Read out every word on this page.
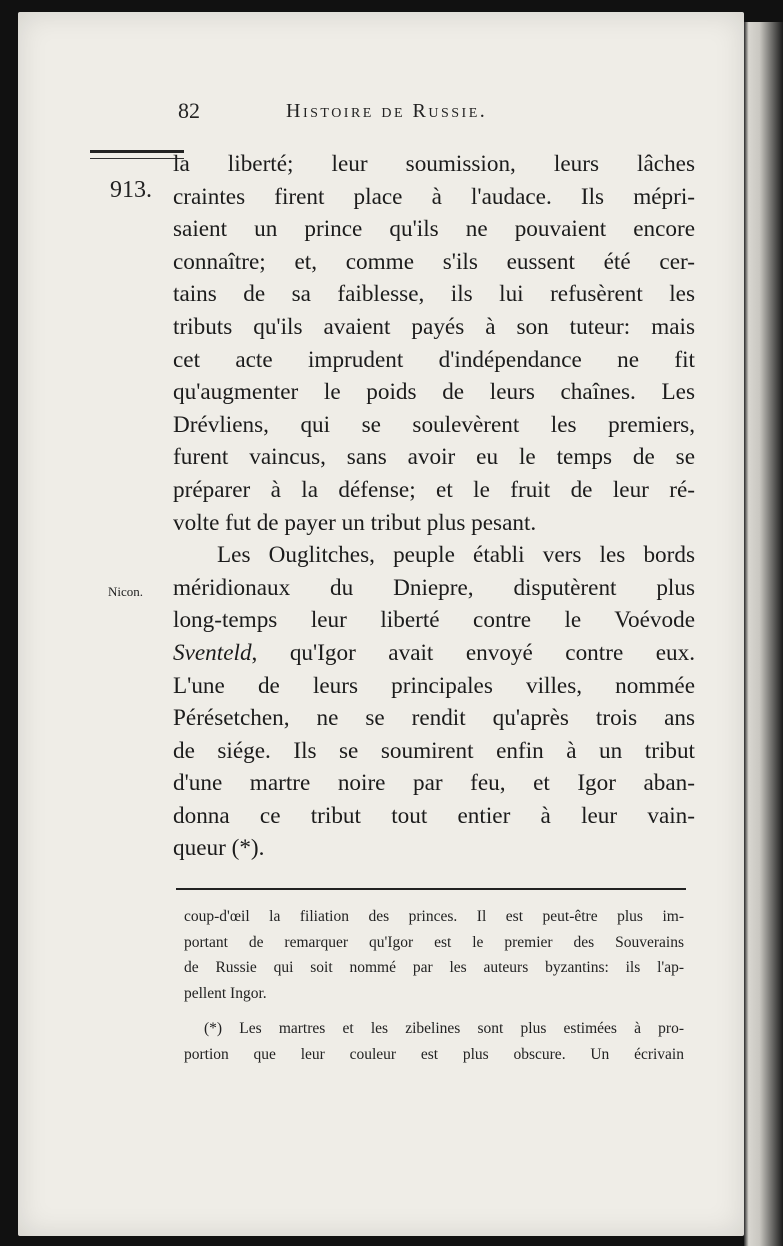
82	Histoire de Russie.
913.
Nicon.
la liberté; leur soumission, leurs lâches
craintes firent place à l'audace. Ils mépri-
saient un prince qu'ils ne pouvaient encore
connaître; et, comme s'ils eussent été cer-
tains de sa faiblesse, ils lui refusèrent les
tributs qu'ils avaient payés à son tuteur: mais
cet acte imprudent d'indépendance ne fit
qu'augmenter le poids de leurs chaînes. Les
Drévliens, qui se soulevèrent les premiers,
furent vaincus, sans avoir eu le temps de se
préparer à la défense; et le fruit de leur ré-
volte fut de payer un tribut plus pesant.
Les Ouglitches, peuple établi vers les bords
méridionaux du Dniepre, disputèrent plus
long-temps leur liberté contre le Voévode
Sventeld, qu'Igor avait envoyé contre eux.
L'une de leurs principales villes, nommée
Pérésetchen, ne se rendit qu'après trois ans
de siége. Ils se soumirent enfin à un tribut
d'une martre noire par feu, et Igor aban-
donna ce tribut tout entier à leur vain-
queur (*).
coup-d'œil la filiation des princes. Il est peut-être plus im-
portant de remarquer qu'Igor est le premier des Souverains
de Russie qui soit nommé par les auteurs byzantins: ils l'ap-
pellent Ingor.
(*) Les martres et les zibelines sont plus estimées à pro-
portion que leur couleur est plus obscure. Un écrivain
